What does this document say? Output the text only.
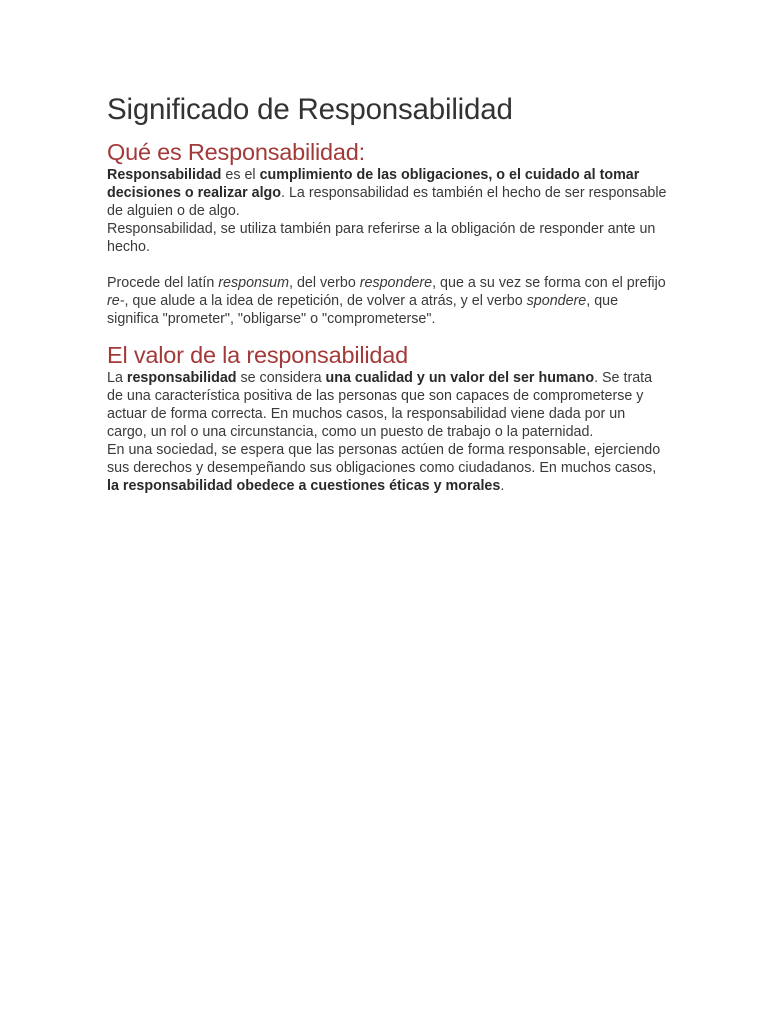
Significado de Responsabilidad
Qué es Responsabilidad:

Responsabilidad es el cumplimiento de las obligaciones, o el cuidado al tomar decisiones o realizar algo. La responsabilidad es también el hecho de ser responsable de alguien o de algo.

Responsabilidad, se utiliza también para referirse a la obligación de responder ante un hecho.

Procede del latín responsum, del verbo respondere, que a su vez se forma con el prefijo re-, que alude a la idea de repetición, de volver a atrás, y el verbo spondere, que significa "prometer", "obligarse" o "comprometerse".

El valor de la responsabilidad

La responsabilidad se considera una cualidad y un valor del ser humano. Se trata de una característica positiva de las personas que son capaces de comprometerse y actuar de forma correcta. En muchos casos, la responsabilidad viene dada por un cargo, un rol o una circunstancia, como un puesto de trabajo o la paternidad.

En una sociedad, se espera que las personas actúen de forma responsable, ejerciendo sus derechos y desempeñando sus obligaciones como ciudadanos. En muchos casos, la responsabilidad obedece a cuestiones éticas y morales.
